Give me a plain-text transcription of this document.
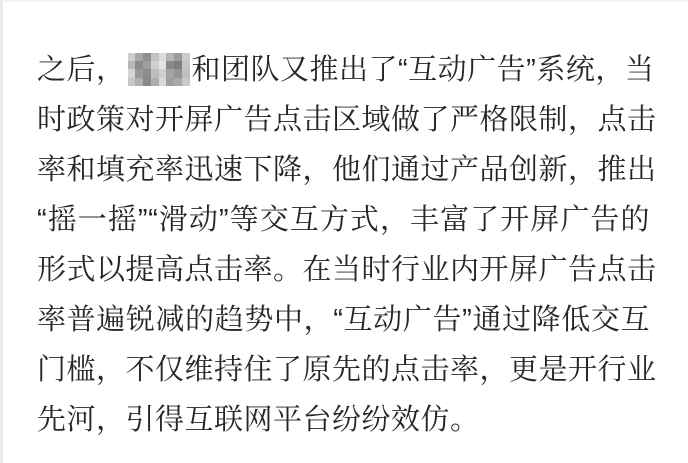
之后， 和团队又推出了“互动广告”系统，当
时政策对开屏广告点击区域做了严格限制，点击
率和填充率迅速下降，他们通过产品创新，推出
“摇一摇”“滑动”等交互方式，丰富了开屏广告的
形式以提高点击率。在当时行业内开屏广告点击
率普遍锐减的趋势中，“互动广告”通过降低交互
门槛，不仅维持住了原先的点击率，更是开行业
先河，引得互联网平台纷纷效仿。
